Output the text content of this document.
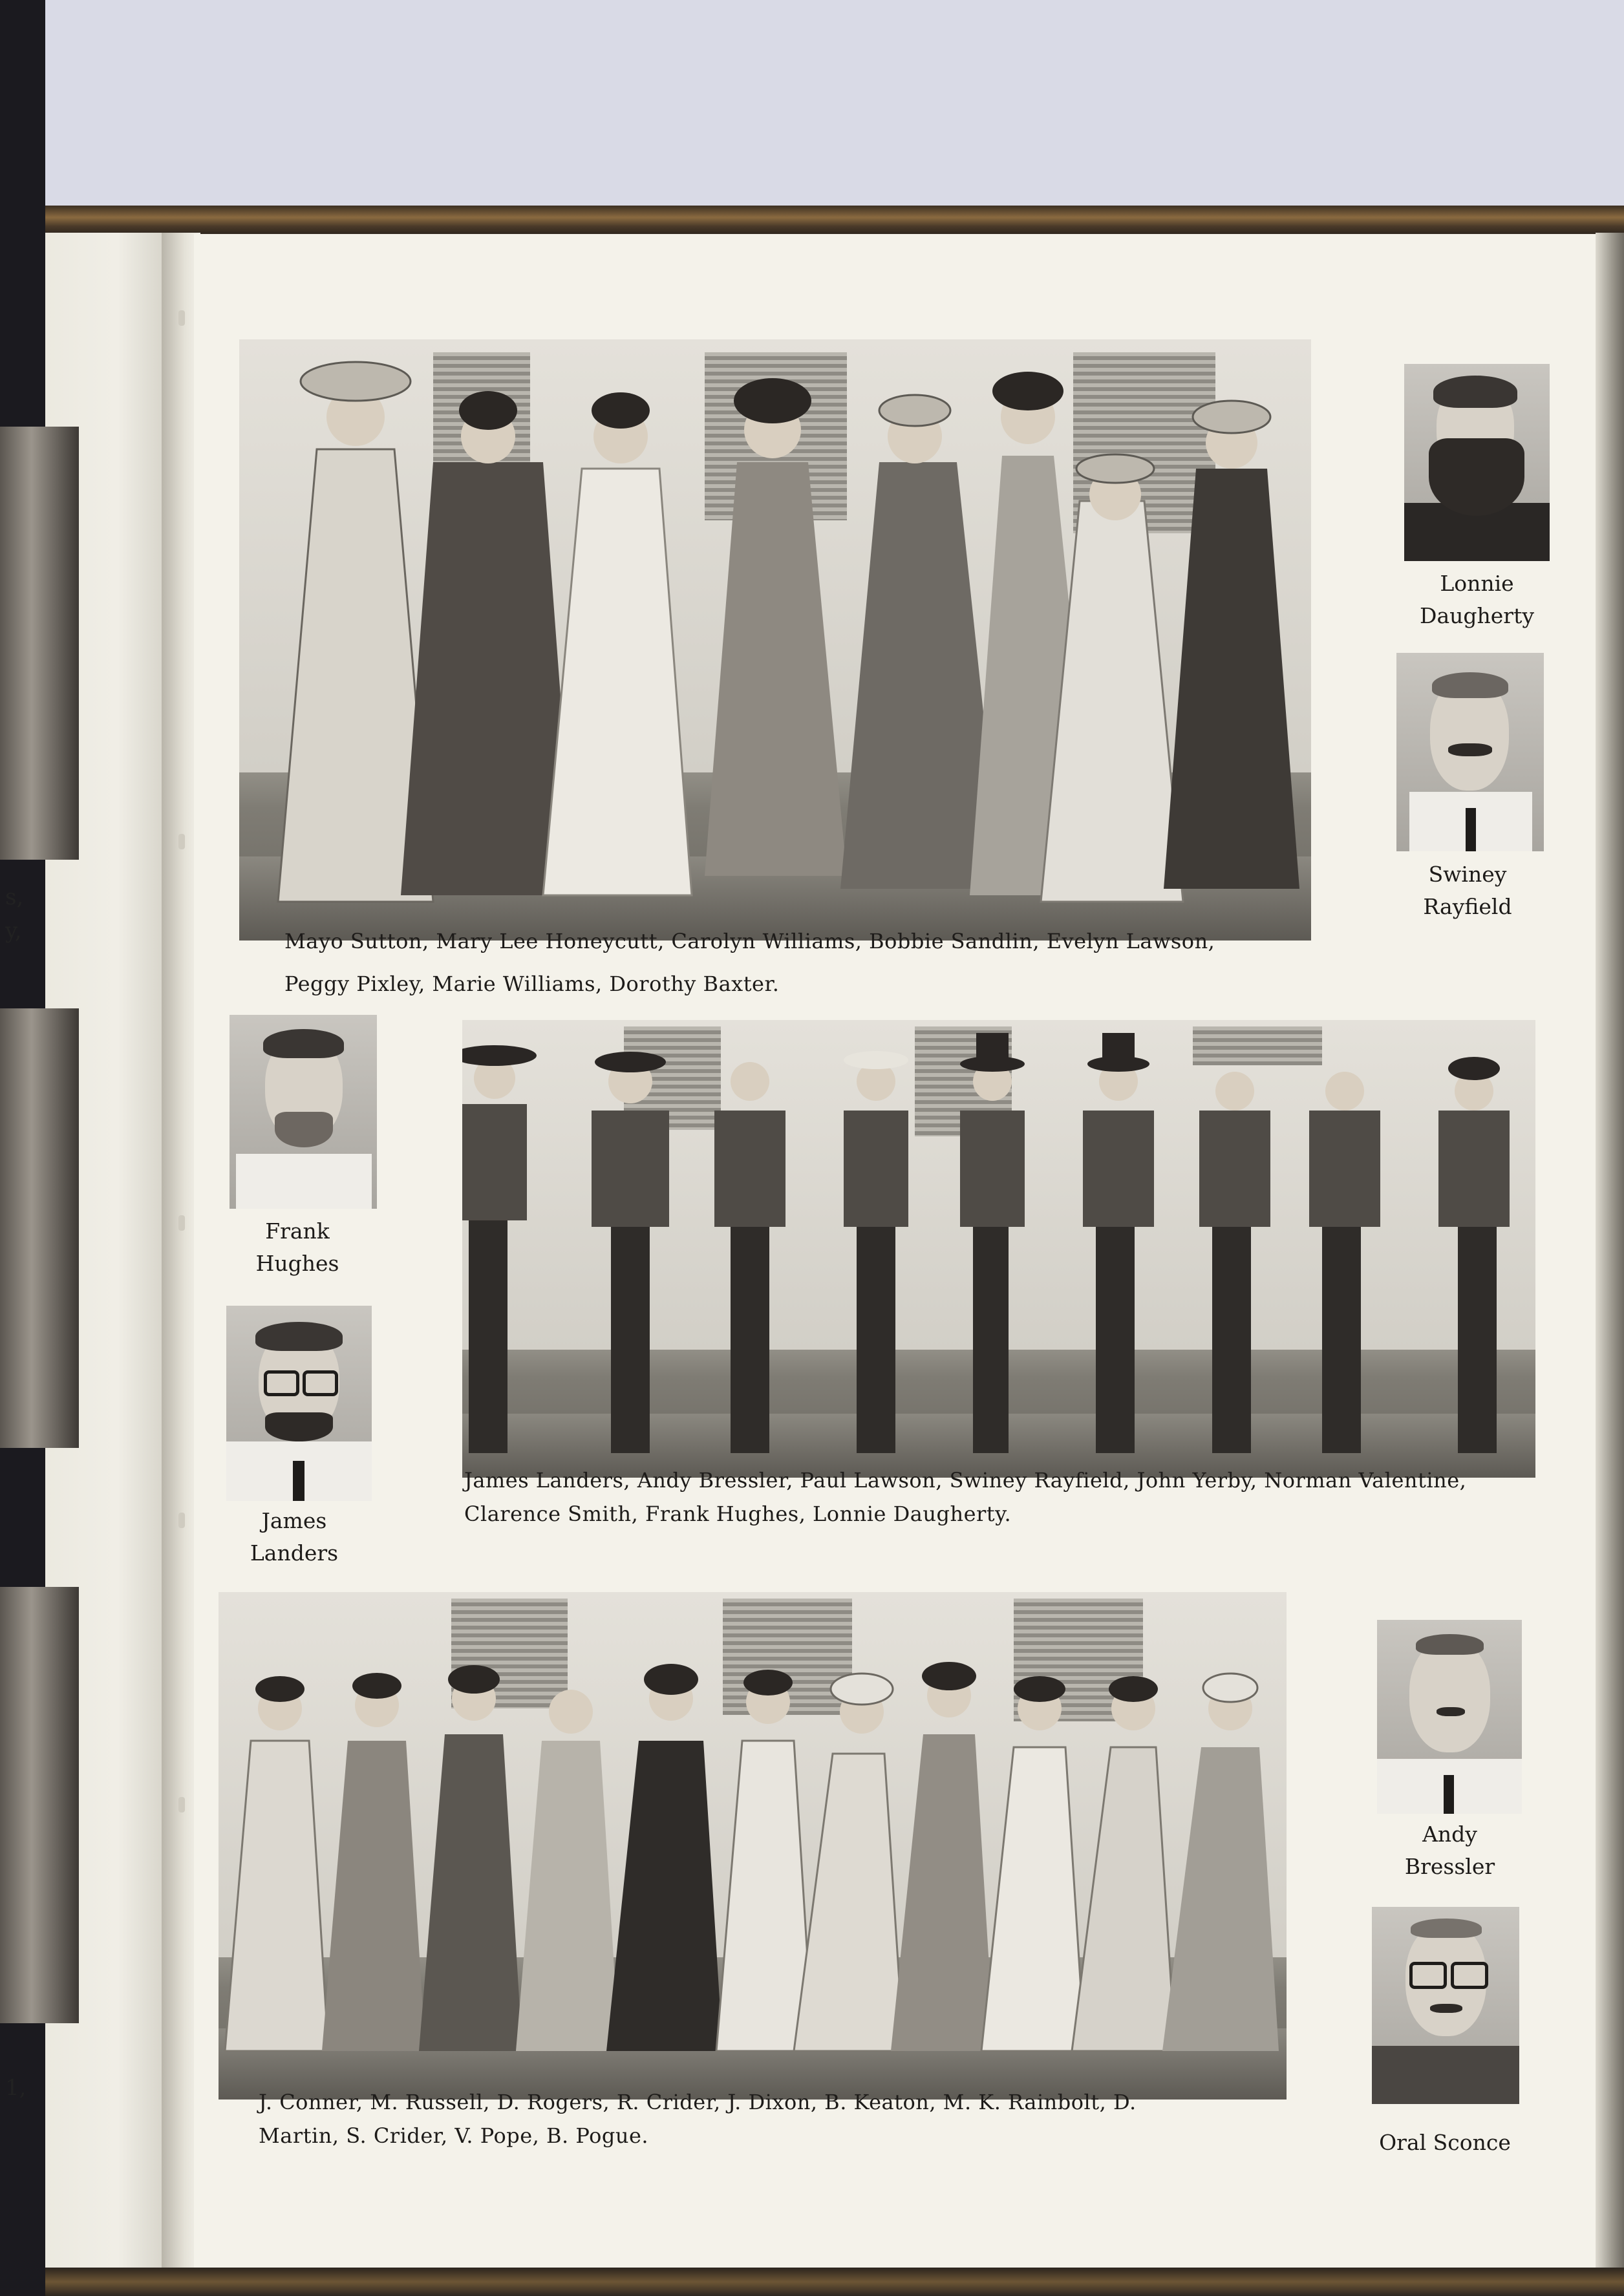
s,
y,
1,
Mayo Sutton, Mary Lee Honeycutt, Carolyn Williams, Bobbie Sandlin, Evelyn Lawson,
Peggy Pixley, Marie Williams, Dorothy Baxter.
Lonnie
Daugherty
Swiney
Rayfield
James Landers, Andy Bressler, Paul Lawson, Swiney Rayfield, John Yerby, Norman Valentine,
Clarence Smith, Frank Hughes, Lonnie Daugherty.
Frank
Hughes
James
Landers
J. Conner, M. Russell, D. Rogers, R. Crider, J. Dixon, B. Keaton, M. K. Rainbolt, D.
Martin, S. Crider, V. Pope, B. Pogue.
Andy
Bressler
Oral Sconce
